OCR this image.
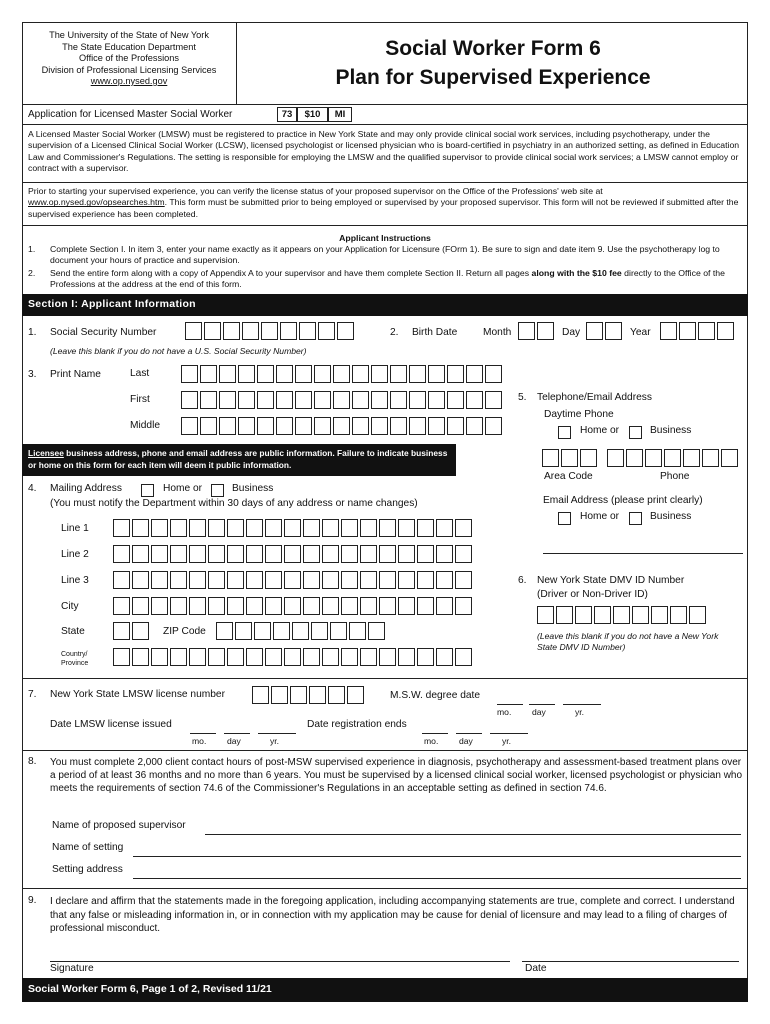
The University of the State of New York
The State Education Department
Office of the Professions
Division of Professional Licensing Services
www.op.nysed.gov
Social Worker Form 6
Plan for Supervised Experience
Application for Licensed Master Social Worker	73	$10	MI
A Licensed Master Social Worker (LMSW) must be registered to practice in New York State and may only provide clinical social work services, including psychotherapy, under the supervision of a Licensed Clinical Social Worker (LCSW), licensed psychologist or licensed physician who is board-certified in psychiatry in an authorized setting, as defined in Education Law and Commissioner's Regulations. The setting is responsible for employing the LMSW and the qualified supervisor to provide clinical social work services; a LMSW cannot employ or contract with a supervisor.
Prior to starting your supervised experience, you can verify the license status of your proposed supervisor on the Office of the Professions' web site at www.op.nysed.gov/opsearches.htm. This form must be submitted prior to being employed or supervised by your proposed supervisor. This form will not be reviewed if submitted after the supervised experience has been completed.
Applicant Instructions
1. Complete Section I. In item 3, enter your name exactly as it appears on your Application for Licensure (FOrm 1). Be sure to sign and date item 9. Use the psychotherapy log to document your hours of practice and supervision.
2. Send the entire form along with a copy of Appendix A to your supervisor and have them complete Section II. Return all pages along with the $10 fee directly to the Office of the Professions at the address at the end of this form.
Section I: Applicant Information
1. Social Security Number
(Leave this blank if you do not have a U.S. Social Security Number)
2. Birth Date	Month	Day	Year
3. Print Name	Last
First
Middle
5. Telephone/Email Address
Daytime Phone
Home or	Business
Area Code	Phone
Email Address (please print clearly)
Home or	Business
Licensee business address, phone and email address are public information. Failure to indicate business or home on this form for each item will deem it public information.
4. Mailing Address	Home or	Business
(You must notify the Department within 30 days of any address or name changes)
Line 1
Line 2
Line 3
City
State	ZIP Code
Country/
Province
6. New York State DMV ID Number
(Driver or Non-Driver ID)
(Leave this blank if you do not have a New York State DMV ID Number)
7. New York State LMSW license number	M.S.W. degree date
mo. day	yr.
Date LMSW license issued
mo. day	yr.
Date registration ends
mo. day	yr.
8. You must complete 2,000 client contact hours of post-MSW supervised experience in diagnosis, psychotherapy and assessment-based treatment plans over a period of at least 36 months and no more than 6 years. You must be supervised by a licensed clinical social worker, licensed psychologist or physician who meets the requirements of section 74.6 of the Commissioner's Regulations in an acceptable setting as defined in section 74.6.
Name of proposed supervisor
Name of setting
Setting address
9. I declare and affirm that the statements made in the foregoing application, including accompanying statements are true, complete and correct. I understand that any false or misleading information in, or in connection with my application may be cause for denial of licensure and may lead to a filing of charges of professional misconduct.
Signature	Date
Social Worker Form 6, Page 1 of 2, Revised 11/21
